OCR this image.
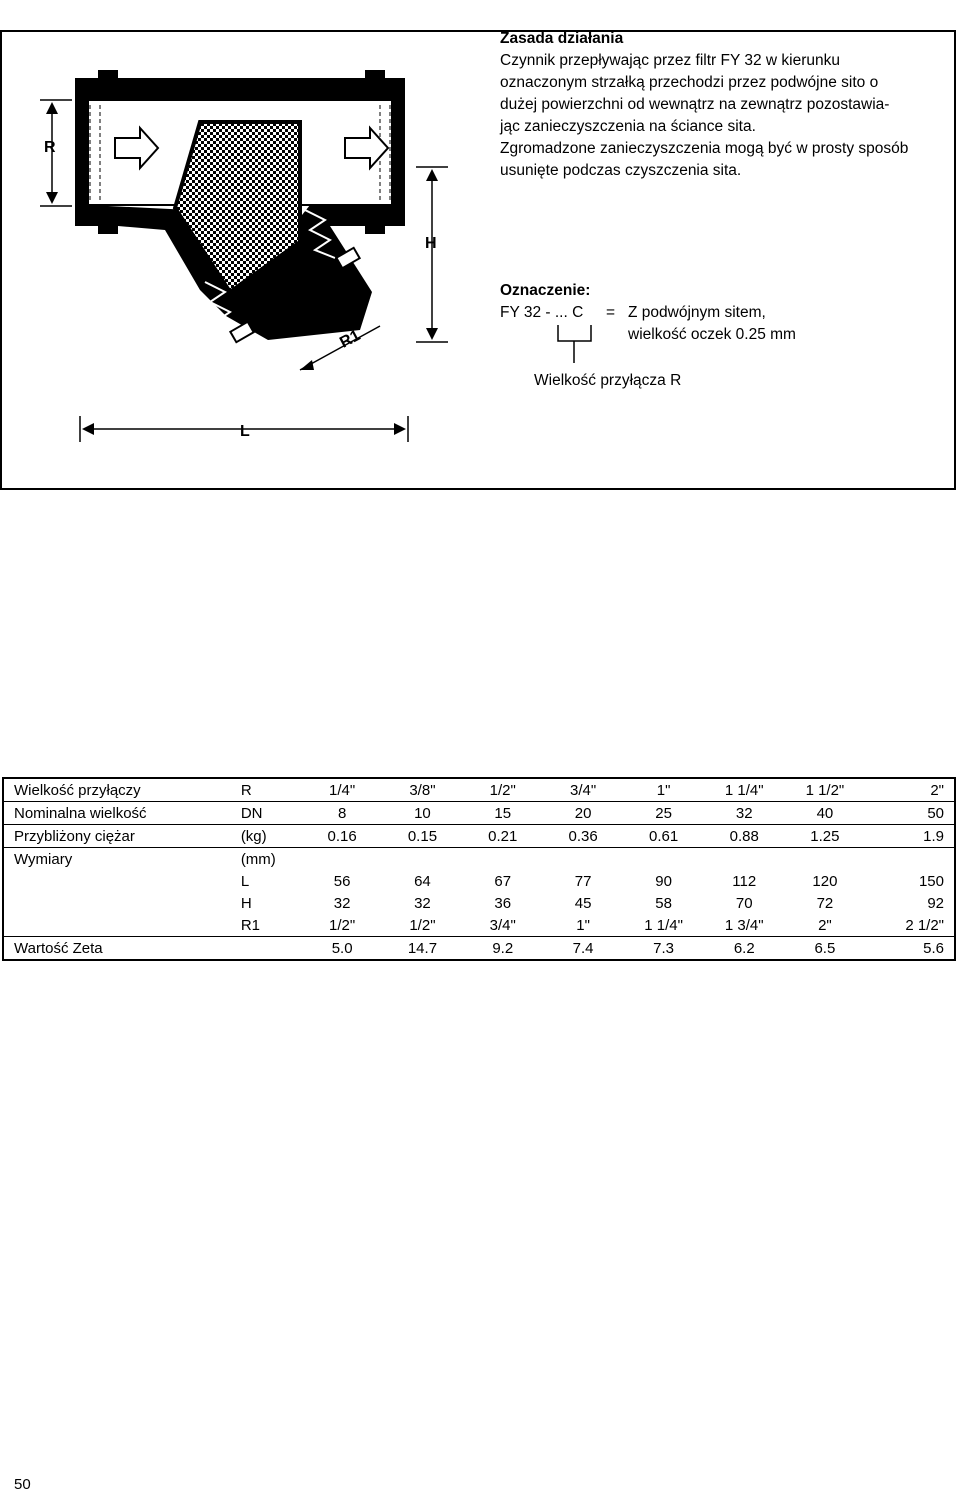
R
H
R1
L

Zasada działania

Czynnik przepływając przez filtr FY 32 w kierunku

oznaczonym strzałką przechodzi przez podwójne sito o

dużej powierzchni od wewnątrz na zewnątrz pozostawia-

jąc zanieczyszczenia na ściance sita.

Zgromadzone zanieczyszczenia mogą być w prosty sposób

usunięte podczas czyszczenia sita.

Oznaczenie:
FY 32 - ... C = Z podwójnym sitem,
wielkość oczek 0.25 mm
Wielkość przyłącza R
Wielkość przyłączy	R	1/4"	3/8"	1/2"	3/4"	1"	1 1/4"	1 1/2"	2"
Nominalna wielkość	DN	8	10	15	20	25	32	40	50
Przybliżony ciężar	(kg)	0.16	0.15	0.21	0.36	0.61	0.88	1.25	1.9
Wymiary	(mm)								
	L	56	64	67	77	90	112	120	150
	H	32	32	36	45	58	70	72	92
	R1	1/2"	1/2"	3/4"	1"	1 1/4"	1 3/4"	2"	2 1/2"
Wartość Zeta		5.0	14.7	9.2	7.4	7.3	6.2	6.5	5.6
50
